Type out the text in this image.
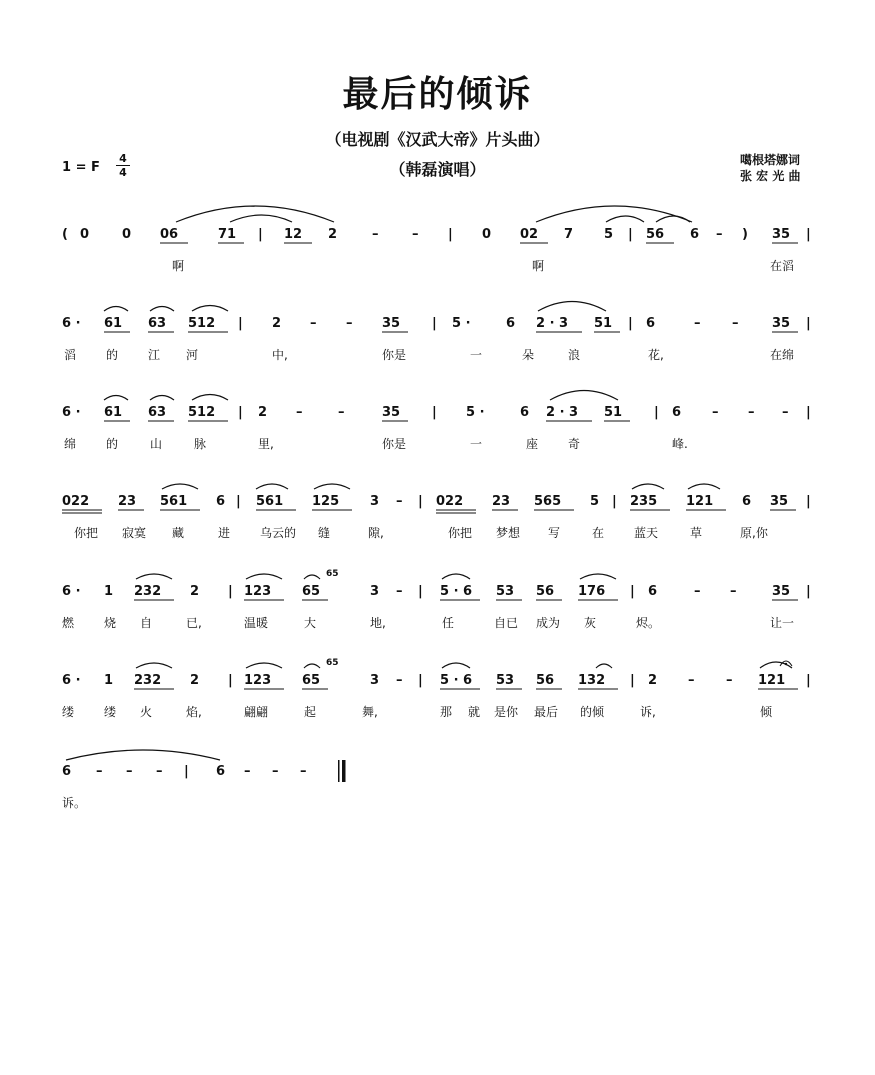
最后的倾诉
（电视剧《汉武大帝》片头曲）
（韩磊演唱）
1 = F
4
4
噶根塔娜词
张 宏 光 曲
( 0	0 06	71 | 12 2	–	– | 0 02 7 5 | 56 6 – ) 35 |
啊	啊	在滔
6 · 61 63 512 | 2 – – 35 | 5 ·	6 2 · 3 51 | 6	– –	35 |
滔 的 江 河	中,	你是	一	朵	浪	花,	在绵
6 · 61 63 512 | 2 –	–	35 | 5 ·	6 2 · 3 51 | 6 – – – |
绵 的	山	脉	里,	你是	一	座 奇	峰.
022 23 561 6 | 561 125 3 – | 022 23 565 5 | 235 121 6 35 |
你把 寂寞 藏	进 乌云的 缝	隙,	你把 梦想 写	在 蓝天	草	原,你
6 · 1 232 2 | 123 65	3 – | 5 · 6 53 56 176 | 6	– –	35 |
燃 烧 自	已,	温暖	大	地,	任	自已 成为 灰	烬。	让一
6 · 1 232 2 | 123 65	3 – | 5 · 6 53 56 132 | 2 – – 121 |
缕 缕 火	焰,	翩翩	起	舞,	那 就 是你 最后 的倾	诉,	倾
6 – – – | 6 – – –
诉。
65
65
